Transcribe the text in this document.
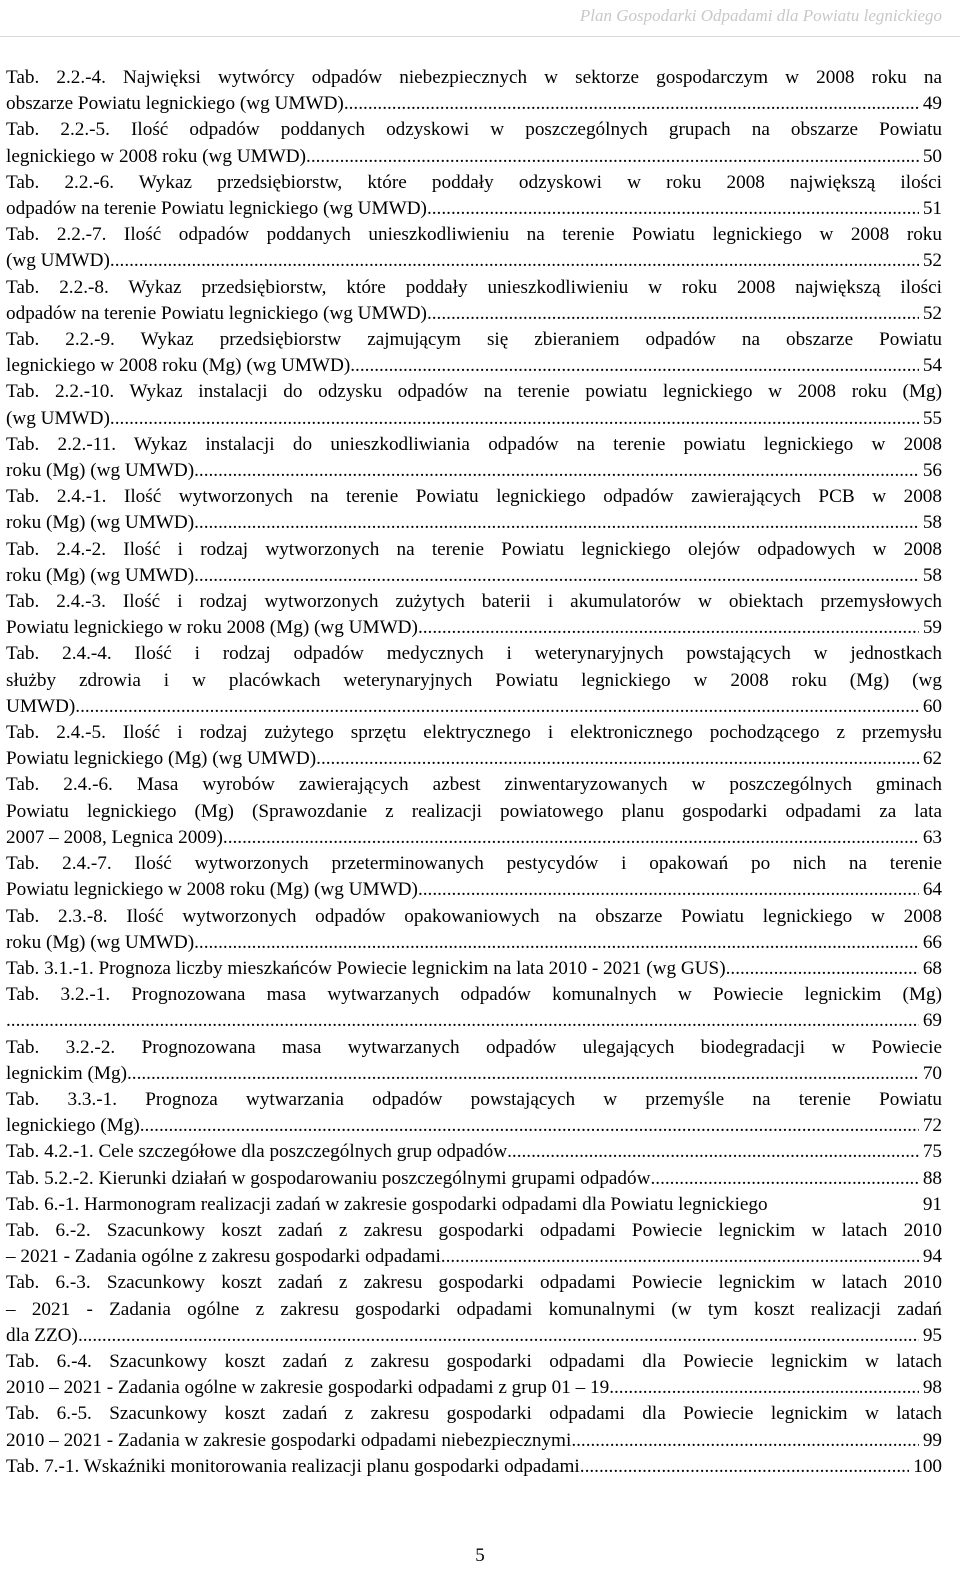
Plan Gospodarki Odpadami dla Powiatu legnickiego
Tab. 2.2.-4. Najwięksi wytwórcy odpadów niebezpiecznych w sektorze gospodarczym w 2008 roku na
obszarze Powiatu legnickiego (wg UMWD) .....	49
Tab. 2.2.-5. Ilość odpadów poddanych odzyskowi w poszczególnych grupach na obszarze Powiatu
legnickiego w 2008 roku (wg UMWD) .....	50
Tab. 2.2.-6. Wykaz przedsiębiorstw, które poddały odzyskowi w roku 2008 największą ilości
odpadów na terenie Powiatu legnickiego (wg UMWD) .....	51
Tab. 2.2.-7. Ilość odpadów poddanych unieszkodliwieniu na terenie Powiatu legnickiego w 2008 roku
(wg UMWD) .....	52
Tab. 2.2.-8. Wykaz przedsiębiorstw, które poddały unieszkodliwieniu w roku 2008 największą ilości
odpadów na terenie Powiatu legnickiego (wg UMWD) .....	52
Tab. 2.2.-9. Wykaz przedsiębiorstw zajmującym się zbieraniem odpadów na obszarze Powiatu
legnickiego w 2008 roku (Mg) (wg UMWD) .....	54
Tab. 2.2.-10. Wykaz instalacji do odzysku odpadów na terenie powiatu legnickiego w 2008 roku (Mg)
(wg UMWD) .....	55
Tab. 2.2.-11. Wykaz instalacji do unieszkodliwiania odpadów na terenie powiatu legnickiego w 2008
roku (Mg) (wg UMWD) .....	56
Tab. 2.4.-1. Ilość wytworzonych na terenie Powiatu legnickiego odpadów zawierających PCB w 2008
roku (Mg) (wg UMWD) .....	58
Tab. 2.4.-2. Ilość i rodzaj wytworzonych na terenie Powiatu legnickiego olejów odpadowych w 2008
roku (Mg) (wg UMWD) .....	58
Tab. 2.4.-3. Ilość i rodzaj wytworzonych zużytych baterii i akumulatorów w obiektach przemysłowych
Powiatu legnickiego w roku 2008 (Mg) (wg UMWD) .....	59
Tab. 2.4.-4. Ilość i rodzaj odpadów medycznych i weterynaryjnych powstających w jednostkach
służby zdrowia i w placówkach weterynaryjnych Powiatu legnickiego w 2008 roku (Mg) (wg
UMWD) .....	60
Tab. 2.4.-5. Ilość i rodzaj zużytego sprzętu elektrycznego i elektronicznego pochodzącego z przemysłu
Powiatu legnickiego (Mg) (wg UMWD) .....	62
Tab. 2.4.-6. Masa wyrobów zawierających azbest zinwentaryzowanych w poszczególnych gminach
Powiatu legnickiego (Mg) (Sprawozdanie z realizacji powiatowego planu gospodarki odpadami za lata
2007 – 2008, Legnica 2009) .....	63
Tab. 2.4.-7. Ilość wytworzonych przeterminowanych pestycydów i opakowań po nich na terenie
Powiatu legnickiego w 2008 roku (Mg) (wg UMWD) .....	64
Tab. 2.3.-8. Ilość wytworzonych odpadów opakowaniowych na obszarze Powiatu legnickiego w 2008
roku (Mg) (wg UMWD) .....	66
Tab. 3.1.-1. Prognoza liczby mieszkańców Powiecie legnickim na lata 2010 - 2021 (wg GUS) .....	68
Tab. 3.2.-1. Prognozowana masa wytwarzanych odpadów komunalnych w Powiecie legnickim (Mg)
.....
69
Tab. 3.2.-2. Prognozowana masa wytwarzanych odpadów ulegających biodegradacji w Powiecie
legnickim (Mg) .....	70
Tab. 3.3.-1. Prognoza wytwarzania odpadów powstających w przemyśle na terenie Powiatu
legnickiego (Mg) .....	72
Tab. 4.2.-1. Cele szczegółowe dla poszczególnych grup odpadów .....	75
Tab. 5.2.-2. Kierunki działań w gospodarowaniu poszczególnymi grupami odpadów .....	88
Tab. 6.-1. Harmonogram realizacji zadań w zakresie gospodarki odpadami dla Powiatu legnickiego	91
Tab. 6.-2. Szacunkowy koszt zadań z zakresu gospodarki odpadami Powiecie legnickim w latach 2010
– 2021 - Zadania ogólne z zakresu gospodarki odpadami .....	94
Tab. 6.-3. Szacunkowy koszt zadań z zakresu gospodarki odpadami Powiecie legnickim w latach 2010
– 2021 - Zadania ogólne z zakresu gospodarki odpadami komunalnymi (w tym koszt realizacji zadań
dla ZZO) .....	95
Tab. 6.-4. Szacunkowy koszt zadań z zakresu gospodarki odpadami dla Powiecie legnickim w latach
2010 – 2021 - Zadania ogólne w zakresie gospodarki odpadami z grup 01 – 19 .....	98
Tab. 6.-5. Szacunkowy koszt zadań z zakresu gospodarki odpadami dla Powiecie legnickim w latach
2010 – 2021 - Zadania w zakresie gospodarki odpadami niebezpiecznymi .....	99
Tab. 7.-1. Wskaźniki monitorowania realizacji planu gospodarki odpadami .....	100
5
